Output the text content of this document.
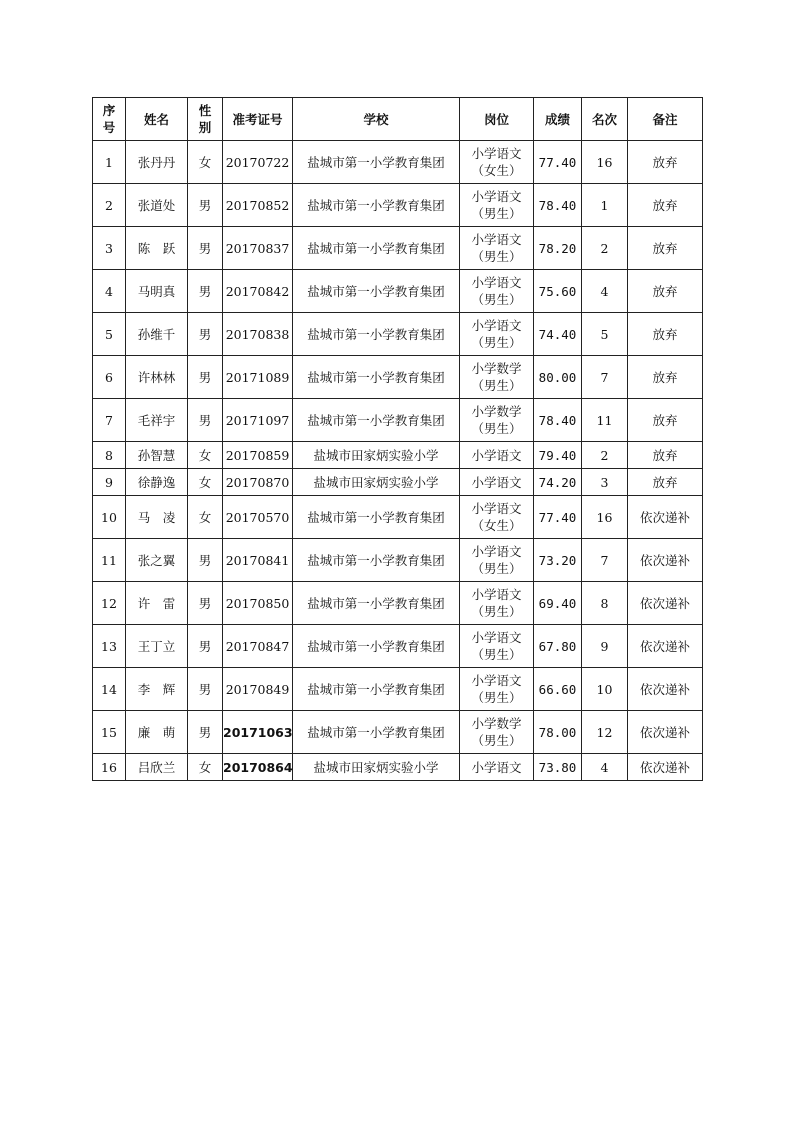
序
号	姓名	性
别	准考证号	学校	岗位	成绩	名次	备注
1	张丹丹	女	20170722	盐城市第一小学教育集团	小学语文
（女生）	77.40	16	放弃
2	张道处	男	20170852	盐城市第一小学教育集团	小学语文
（男生）	78.40	1	放弃
3	陈　跃	男	20170837	盐城市第一小学教育集团	小学语文
（男生）	78.20	2	放弃
4	马明真	男	20170842	盐城市第一小学教育集团	小学语文
（男生）	75.60	4	放弃
5	孙维千	男	20170838	盐城市第一小学教育集团	小学语文
（男生）	74.40	5	放弃
6	许林林	男	20171089	盐城市第一小学教育集团	小学数学
（男生）	80.00	7	放弃
7	毛祥宇	男	20171097	盐城市第一小学教育集团	小学数学
（男生）	78.40	11	放弃
8	孙智慧	女	20170859	盐城市田家炳实验小学	小学语文	79.40	2	放弃
9	徐静逸	女	20170870	盐城市田家炳实验小学	小学语文	74.20	3	放弃
10	马　凌	女	20170570	盐城市第一小学教育集团	小学语文
（女生）	77.40	16	依次递补
11	张之翼	男	20170841	盐城市第一小学教育集团	小学语文
（男生）	73.20	7	依次递补
12	许　雷	男	20170850	盐城市第一小学教育集团	小学语文
（男生）	69.40	8	依次递补
13	王丁立	男	20170847	盐城市第一小学教育集团	小学语文
（男生）	67.80	9	依次递补
14	李　辉	男	20170849	盐城市第一小学教育集团	小学语文
（男生）	66.60	10	依次递补
15	廉　萌	男	20171063	盐城市第一小学教育集团	小学数学
（男生）	78.00	12	依次递补
16	吕欣兰	女	20170864	盐城市田家炳实验小学	小学语文	73.80	4	依次递补
